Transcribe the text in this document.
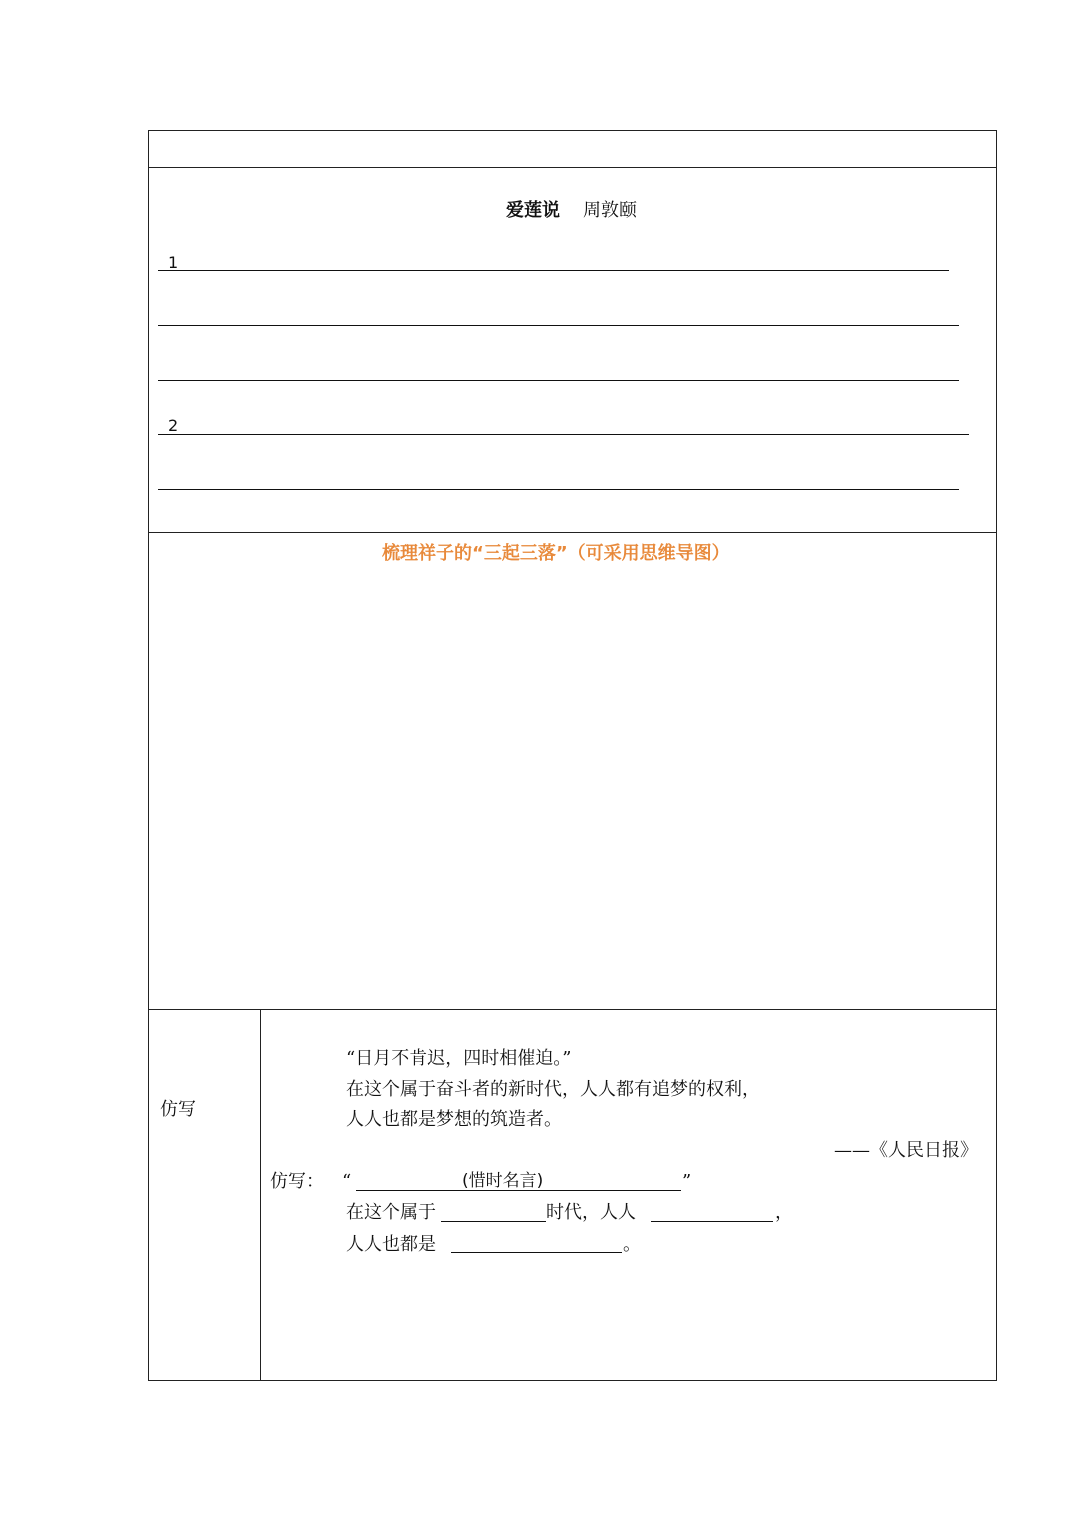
爱莲说 周敦颐
1
2
梳理祥子的“三起三落”（可采用思维导图）
仿写
“日月不肯迟，四时相催迫。”
在这个属于奋斗者的新时代，人人都有追梦的权利，
人人也都是梦想的筑造者。
——《人民日报》
仿写： “	(惜时名言)	”
在这个属于	时代，人人	，
人人也都是	。
